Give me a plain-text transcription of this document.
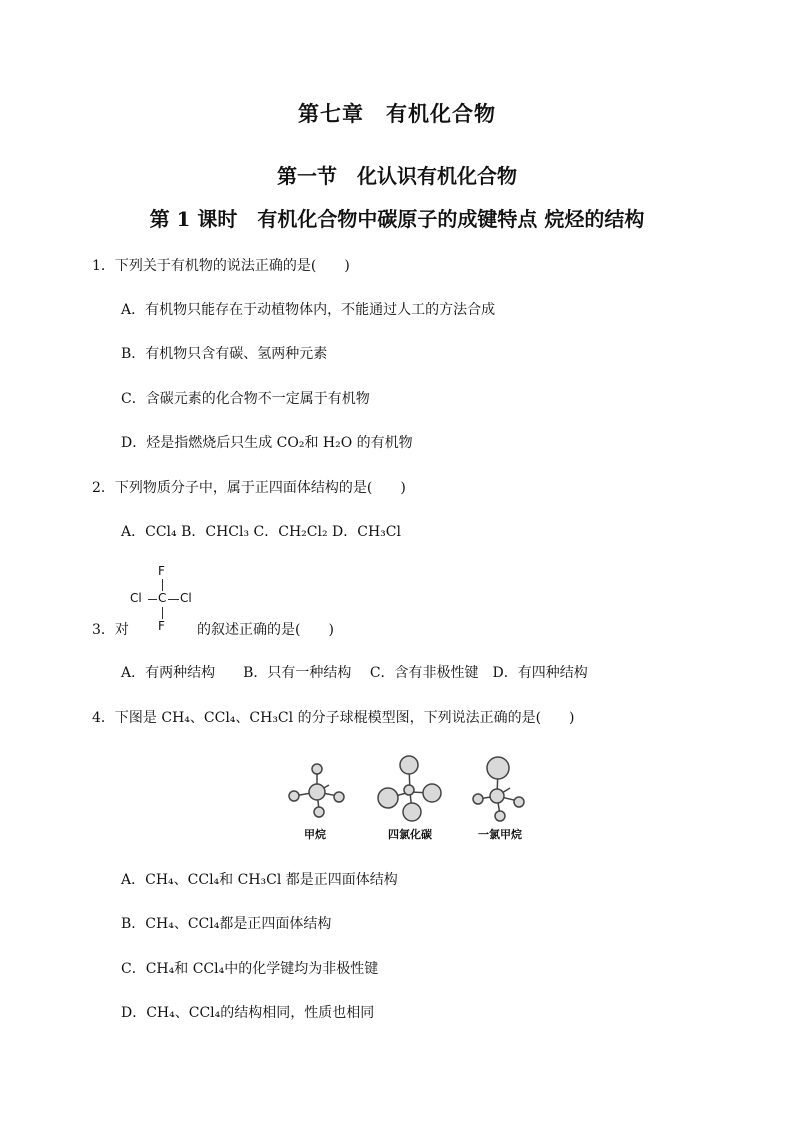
第七章　有机化合物
第一节　化认识有机化合物
第 1 课时　有机化合物中碳原子的成键特点 烷烃的结构
1．下列关于有机物的说法正确的是(　　)
A．有机物只能存在于动植物体内，不能通过人工的方法合成
B．有机物只含有碳、氢两种元素
C．含碳元素的化合物不一定属于有机物
D．烃是指燃烧后只生成 CO₂和 H₂O 的有机物
2．下列物质分子中，属于正四面体结构的是(　　)
A．CCl₄ B．CHCl₃ C．CH₂Cl₂ D．CH₃Cl
F
Cl C Cl
F
3．对	的叙述正确的是(　　)
A．有两种结构　　B．只有一种结构　 C．含有非极性键　D．有四种结构
4．下图是 CH₄、CCl₄、CH₃Cl 的分子球棍模型图，下列说法正确的是(　　)
甲烷	四氯化碳	一氯甲烷
A．CH₄、CCl₄和 CH₃Cl 都是正四面体结构
B．CH₄、CCl₄都是正四面体结构
C．CH₄和 CCl₄中的化学键均为非极性键
D．CH₄、CCl₄的结构相同，性质也相同
